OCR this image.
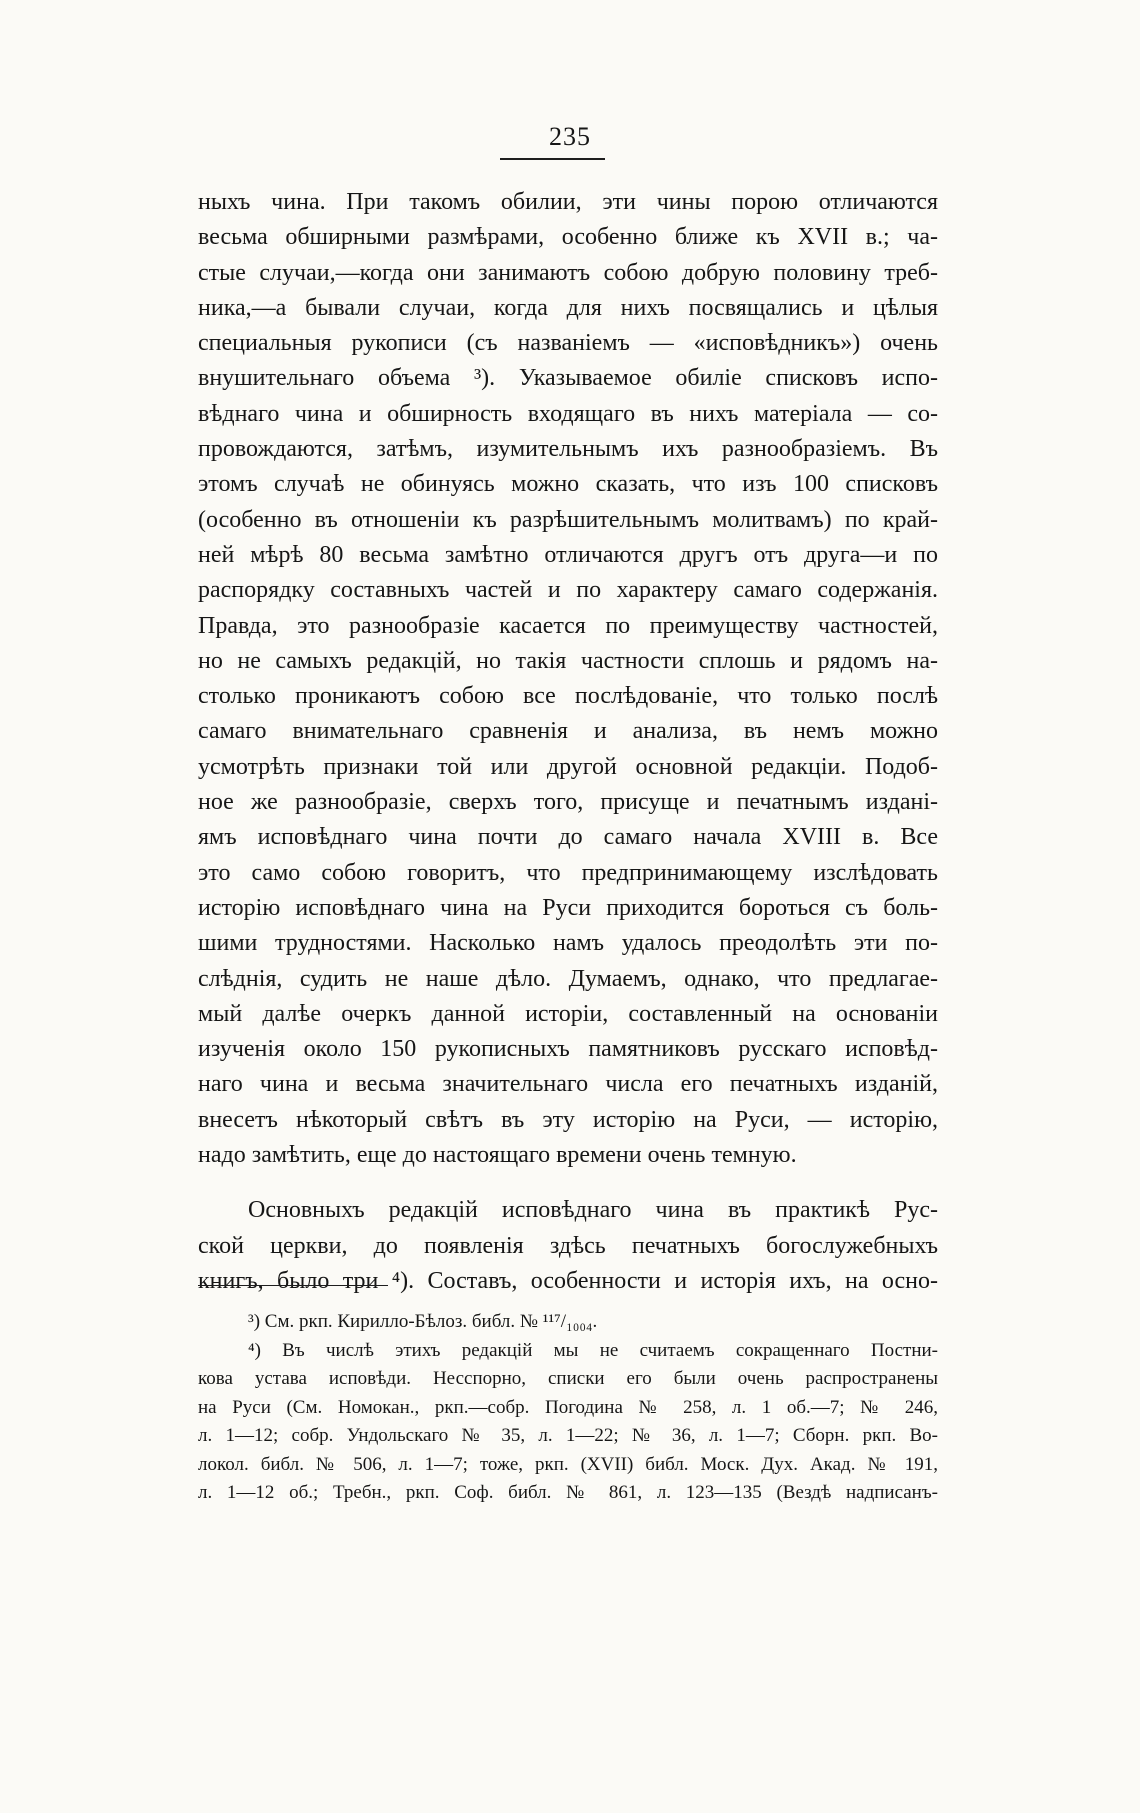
235
ныхъ чина. При такомъ обилии, эти чины порою отличаются
весьма обширными размѣрами, особенно ближе къ XVII в.; ча-
стые случаи,—когда они занимаютъ собою добрую половину треб-
ника,—а бывали случаи, когда для нихъ посвящались и цѣлыя
специальныя рукописи (съ названіемъ — «исповѣдникъ») очень
внушительнаго объема ³). Указываемое обиліе списковъ испо-
вѣднаго чина и обширность входящаго въ нихъ матеріала — со-
провождаются, затѣмъ, изумительнымъ ихъ разнообразіемъ. Въ
этомъ случаѣ не обинуясь можно сказать, что изъ 100 списковъ
(особенно въ отношеніи къ разрѣшительнымъ молитвамъ) по край-
ней мѣрѣ 80 весьма замѣтно отличаются другъ отъ друга—и по
распорядку составныхъ частей и по характеру самаго содержанія.
Правда, это разнообразіе касается по преимуществу частностей,
но не самыхъ редакцій, но такія частности сплошь и рядомъ на-
столько проникаютъ собою все послѣдованіе, что только послѣ
самаго внимательнаго сравненія и анализа, въ немъ можно
усмотрѣть признаки той или другой основной редакціи. Подоб-
ное же разнообразіе, сверхъ того, присуще и печатнымъ издані-
ямъ исповѣднаго чина почти до самаго начала XVIII в. Все
это само собою говоритъ, что предпринимающему изслѣдовать
исторію исповѣднаго чина на Руси приходится бороться съ боль-
шими трудностями. Насколько намъ удалось преодолѣть эти по-
слѣднія, судить не наше дѣло. Думаемъ, однако, что предлагае-
мый далѣе очеркъ данной исторіи, составленный на основаніи
изученія около 150 рукописныхъ памятниковъ русскаго исповѣд-
наго чина и весьма значительнаго числа его печатныхъ изданій,
внесетъ нѣкоторый свѣтъ въ эту исторію на Руси, — исторію,
надо замѣтить, еще до настоящаго времени очень темную.
Основныхъ редакцій исповѣднаго чина въ практикѣ Рус-
ской церкви, до появленія здѣсь печатныхъ богослужебныхъ
книгъ, было три ⁴). Составъ, особенности и исторія ихъ, на осно-
³) См. ркп. Кирилло-Бѣлоз. библ. № ¹¹⁷/₁₀₀₄.
⁴) Въ числѣ этихъ редакцій мы не считаемъ сокращеннаго Постни-
кова устава исповѣди. Несспорно, списки его были очень распространены
на Руси (См. Номокан., ркп.—собр. Погодина № 258, л. 1 об.—7; № 246,
л. 1—12; собр. Ундольскаго № 35, л. 1—22; № 36, л. 1—7; Сборн. ркп. Во-
локол. библ. № 506, л. 1—7; тоже, ркп. (XVII) библ. Моск. Дух. Акад. № 191,
л. 1—12 об.; Требн., ркп. Соф. библ. № 861, л. 123—135 (Вездѣ надписанъ-
